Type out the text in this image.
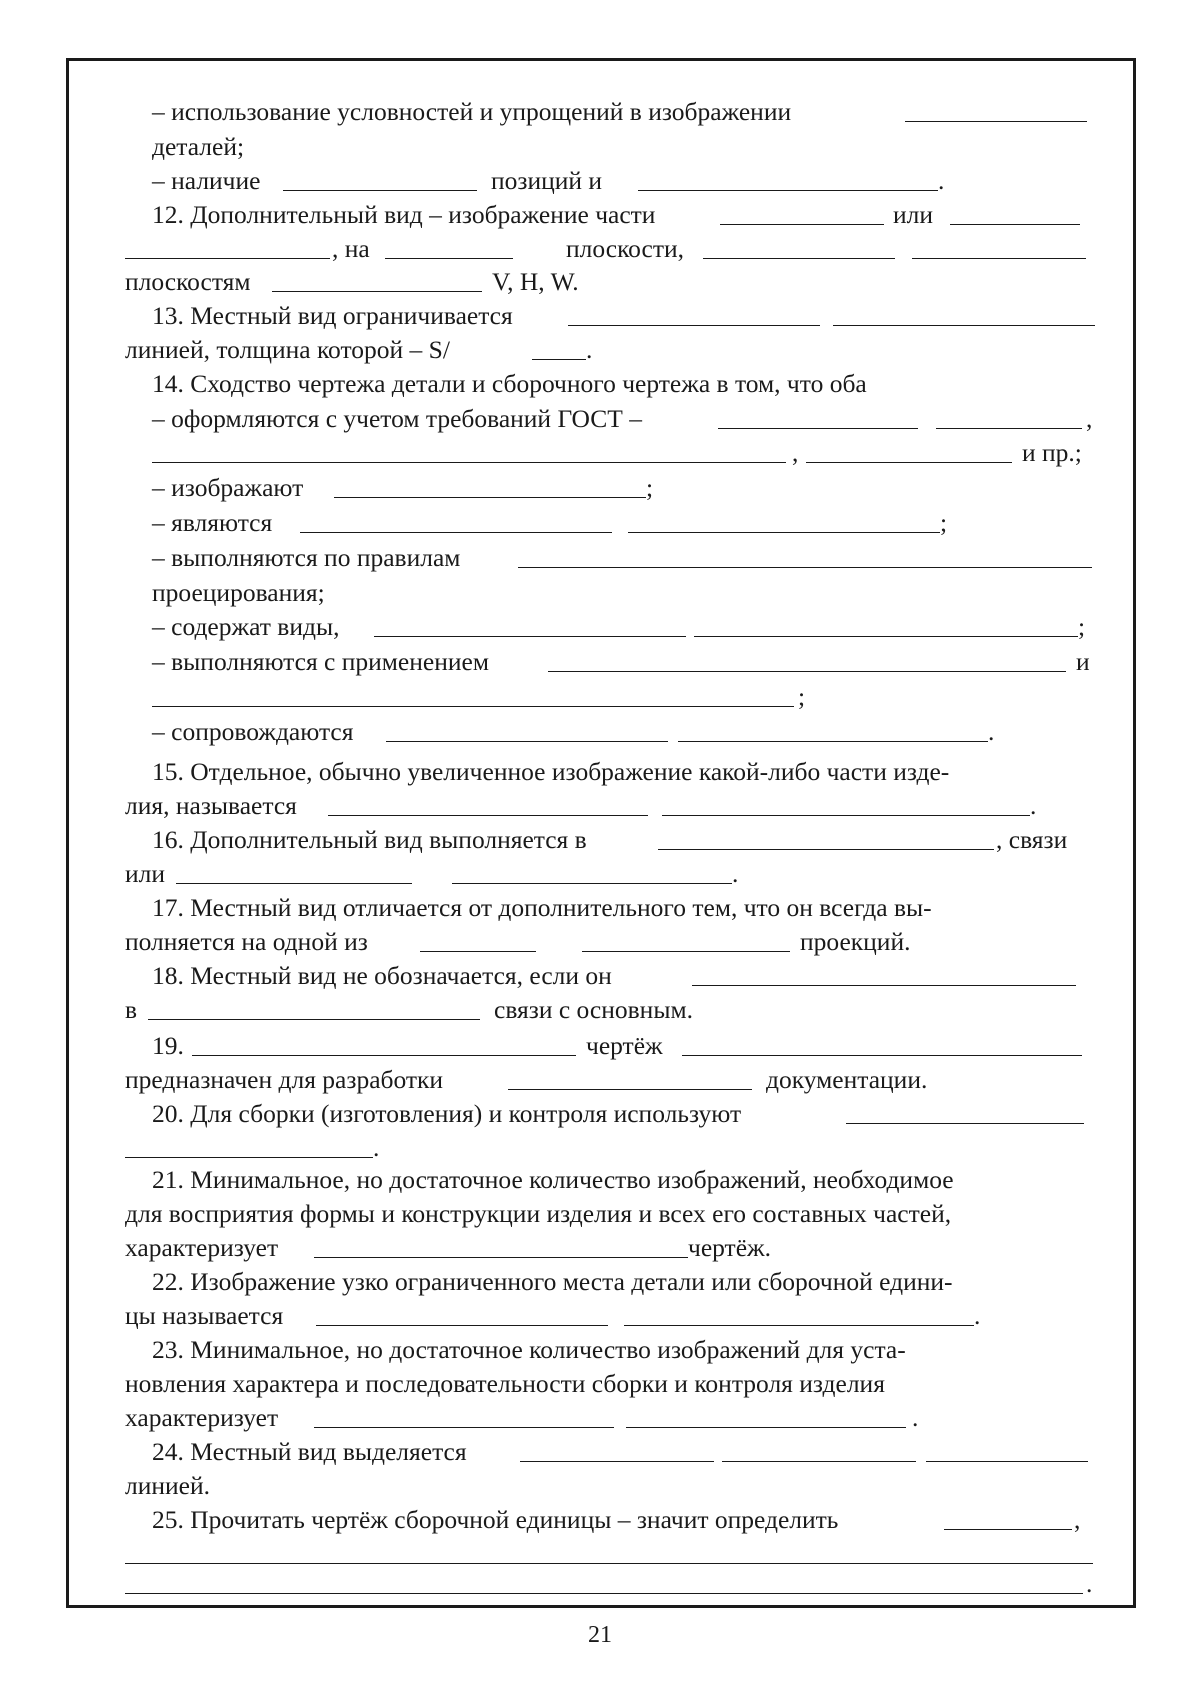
– использование условностей и упрощений в изображении
деталей;
– наличие	позиций и	.
12. Дополнительный вид – изображение части	или
, на	плоскости,
плоскостям	V, H, W.
13. Местный вид ограничивается
линией, толщина которой – S/	.
14. Сходство чертежа детали и сборочного чертежа в том, что оба
– оформляются с учетом требований ГОСТ –	,
,	и пр.;
– изображают	;
– являются	;
– выполняются по правилам
проецирования;
– содержат виды,	;
– выполняются с применением	и
;
– сопровождаются	.
15. Отдельное, обычно увеличенное изображение какой-либо части изде-
лия, называется	.
16. Дополнительный вид выполняется в	, связи
или	.
17. Местный вид отличается от дополнительного тем, что он всегда вы-
полняется на одной из	проекций.
18. Местный вид не обозначается, если он
в	связи с основным.
19.	чертёж
предназначен для разработки	документации.
20. Для сборки (изготовления) и контроля используют
.
21. Минимальное, но достаточное количество изображений, необходимое
для восприятия формы и конструкции изделия и всех его составных частей,
характеризует	чертёж.
22. Изображение узко ограниченного места детали или сборочной едини-
цы называется	.
23. Минимальное, но достаточное количество изображений для уста-
новления характера и последовательности сборки и контроля изделия
характеризует	.
24. Местный вид выделяется
линией.
25. Прочитать чертёж сборочной единицы – значит определить	,
.
21
